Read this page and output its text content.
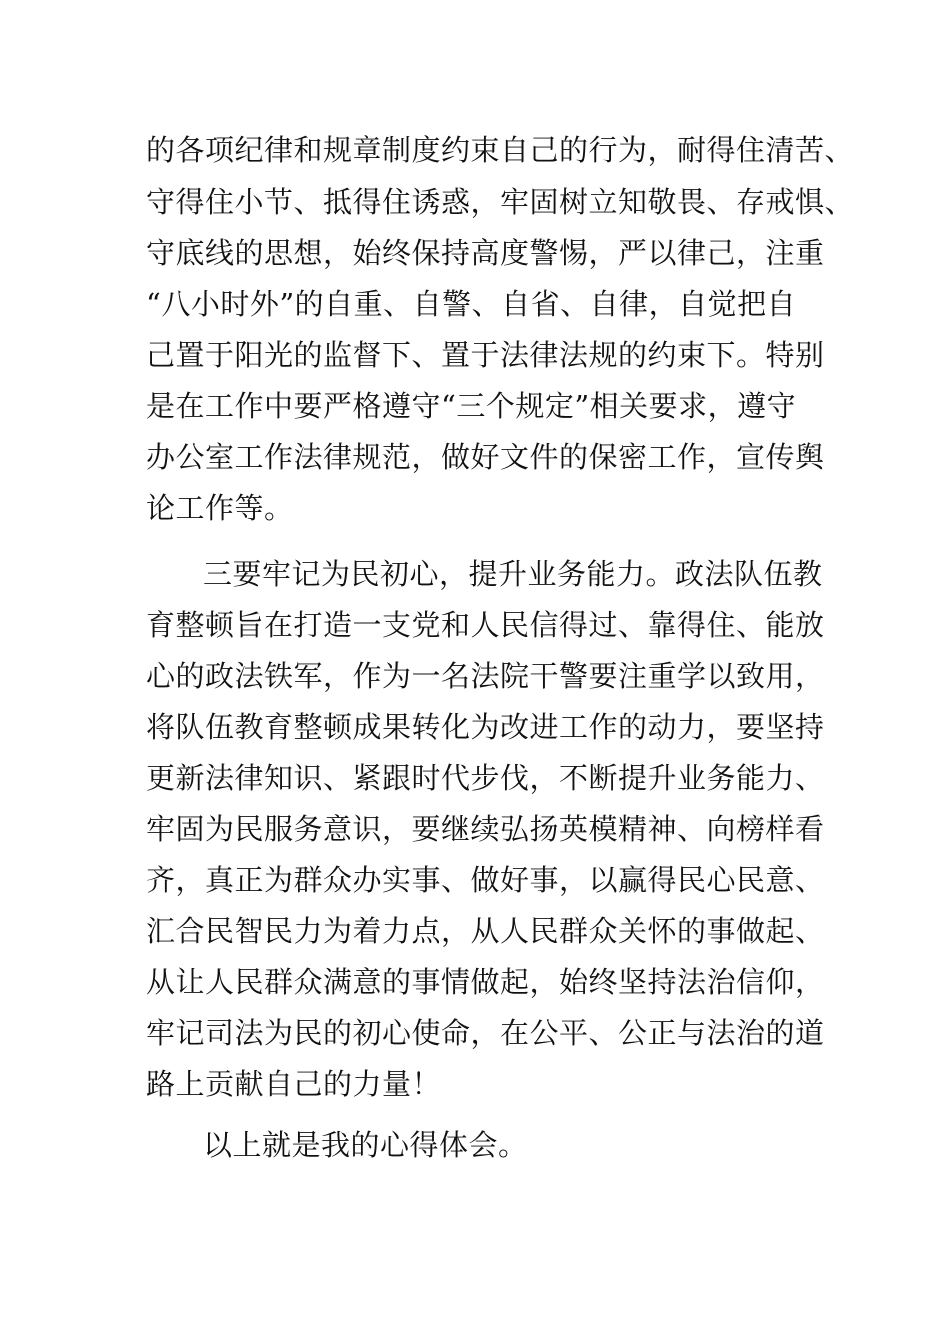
的各项纪律和规章制度约束自己的行为，耐得住清苦、
守得住小节、抵得住诱惑，牢固树立知敬畏、存戒惧、
守底线的思想，始终保持高度警惕，严以律己，注重
“八小时外”的自重、自警、自省、自律，自觉把自
己置于阳光的监督下、置于法律法规的约束下。特别
是在工作中要严格遵守“三个规定”相关要求，遵守
办公室工作法律规范，做好文件的保密工作，宣传舆
论工作等。
三要牢记为民初心，提升业务能力。政法队伍教
育整顿旨在打造一支党和人民信得过、靠得住、能放
心的政法铁军，作为一名法院干警要注重学以致用，
将队伍教育整顿成果转化为改进工作的动力，要坚持
更新法律知识、紧跟时代步伐，不断提升业务能力、
牢固为民服务意识，要继续弘扬英模精神、向榜样看
齐，真正为群众办实事、做好事，以赢得民心民意、
汇合民智民力为着力点，从人民群众关怀的事做起、
从让人民群众满意的事情做起，始终坚持法治信仰，
牢记司法为民的初心使命，在公平、公正与法治的道
路上贡献自己的力量！
以上就是我的心得体会。
